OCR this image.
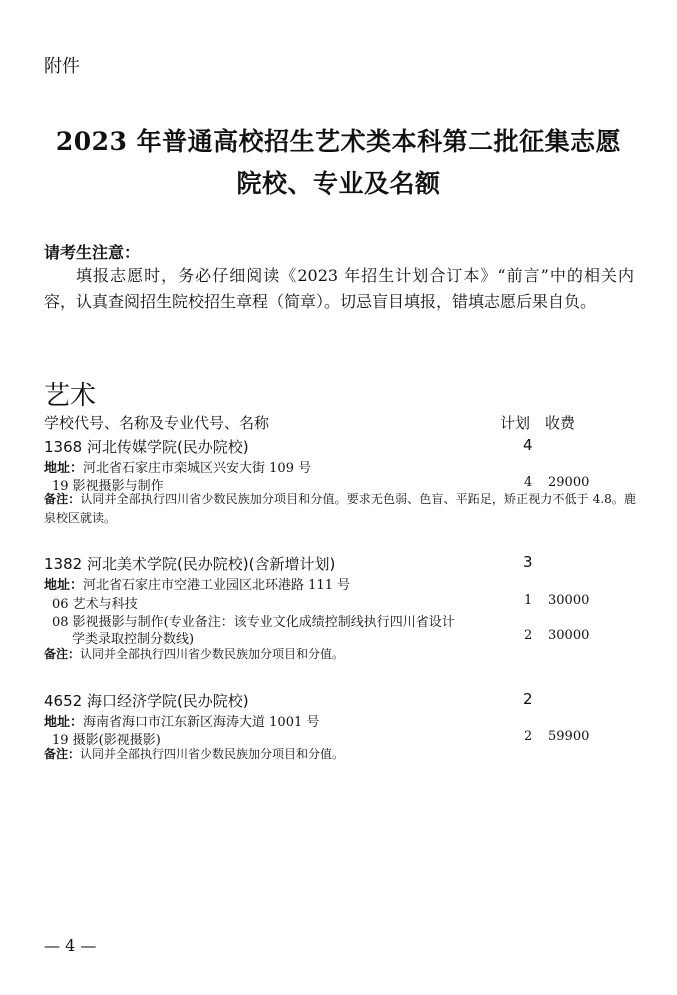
附件
2023 年普通高校招生艺术类本科第二批征集志愿
院校、专业及名额
请考生注意：
填报志愿时，务必仔细阅读《2023 年招生计划合订本》“前言”中的相关内容，认真查阅招生院校招生章程（简章）。切忌盲目填报，错填志愿后果自负。
艺术
学校代号、名称及专业代号、名称	计划 收费
1368 河北传媒学院(民办院校)	4
地址：河北省石家庄市栾城区兴安大街 109 号
19 影视摄影与制作	4 29000
备注：认同并全部执行四川省少数民族加分项目和分值。要求无色弱、色盲、平跖足，矫正视力不低于 4.8。鹿泉校区就读。
1382 河北美术学院(民办院校)(含新增计划)	3
地址：河北省石家庄市空港工业园区北环港路 111 号
06 艺术与科技	1 30000
08 影视摄影与制作(专业备注：该专业文化成绩控制线执行四川省设计
学类录取控制分数线)	2 30000
备注：认同并全部执行四川省少数民族加分项目和分值。
4652 海口经济学院(民办院校)	2
地址：海南省海口市江东新区海涛大道 1001 号
19 摄影(影视摄影)	2 59900
备注：认同并全部执行四川省少数民族加分项目和分值。
— 4 —
